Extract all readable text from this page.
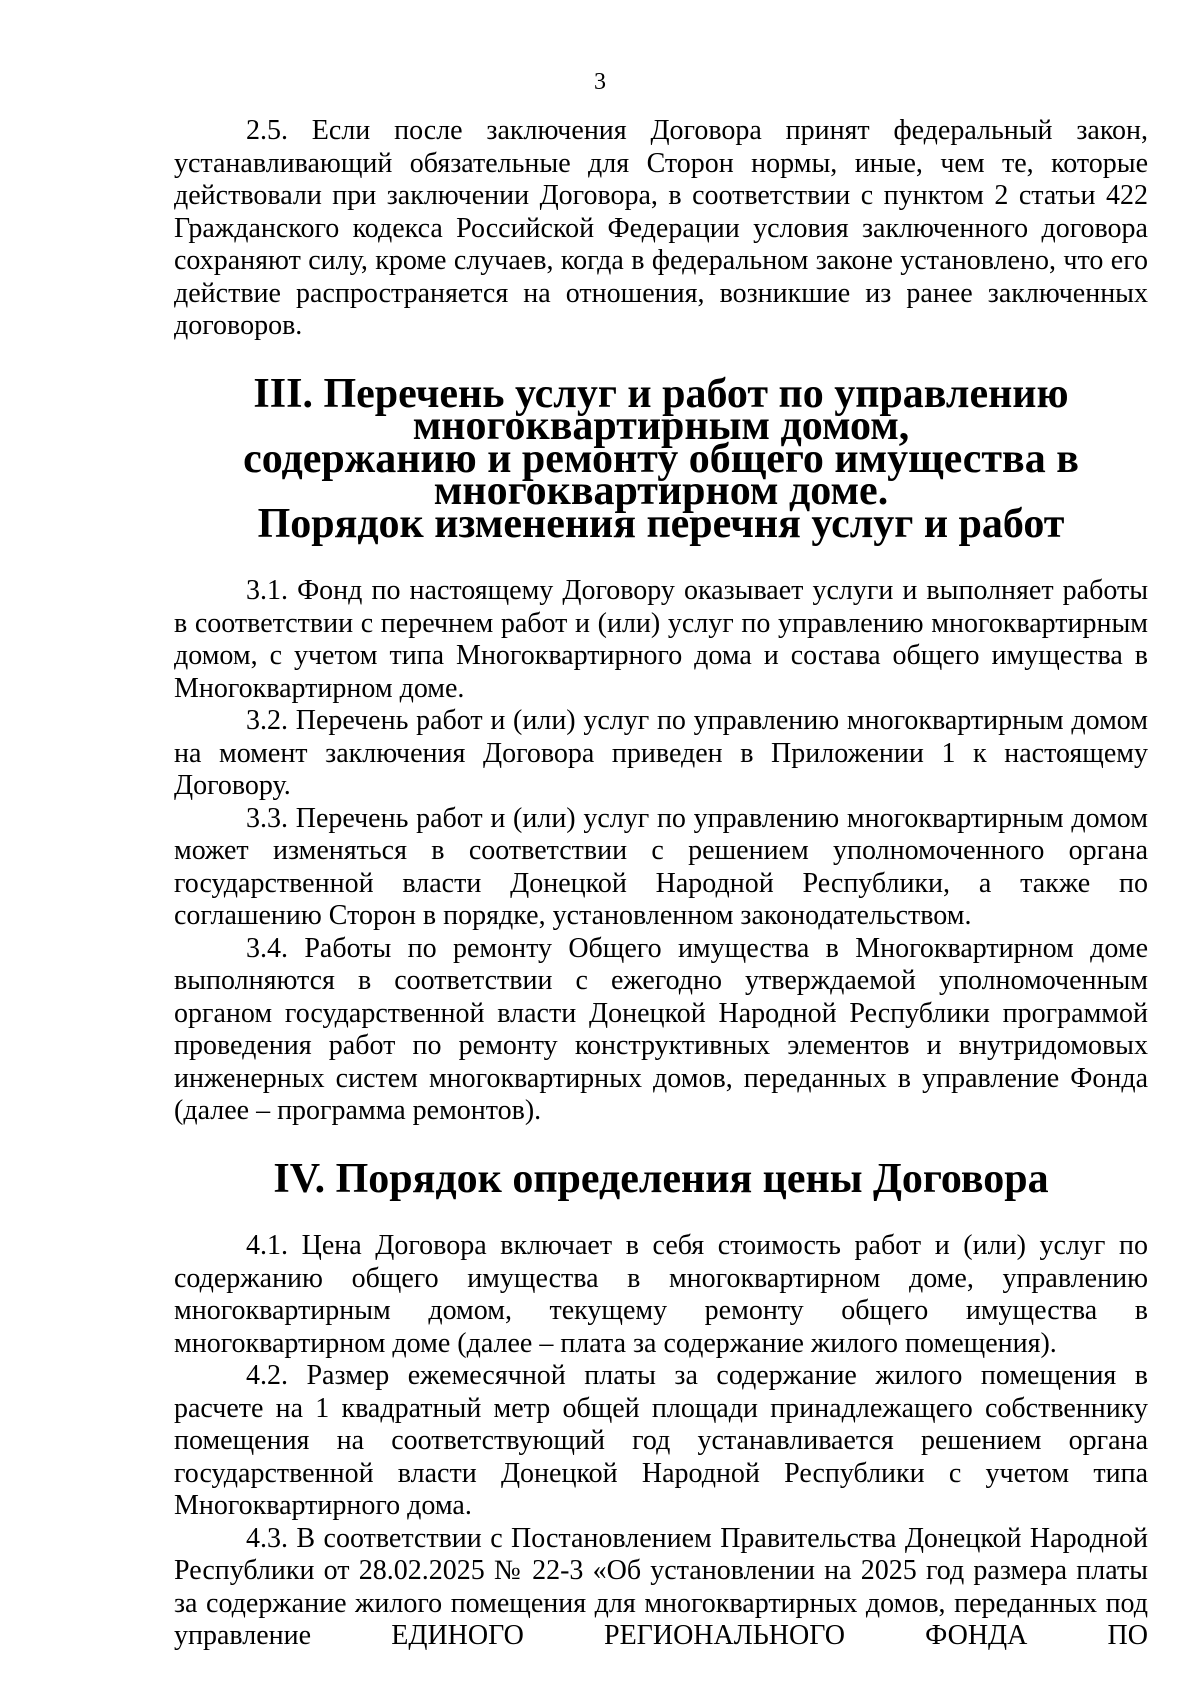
3

2.5. Если после заключения Договора принят федеральный закон, устанавливающий обязательные для Сторон нормы, иные, чем те, которые действовали при заключении Договора, в соответствии с пунктом 2 статьи 422 Гражданского кодекса Российской Федерации условия заключенного договора сохраняют силу, кроме случаев, когда в федеральном законе установлено, что его действие распространяется на отношения, возникшие из ранее заключенных договоров.

III. Перечень услуг и работ по управлению многоквартирным домом,
содержанию и ремонту общего имущества в многоквартирном доме.
Порядок изменения перечня услуг и работ

3.1. Фонд по настоящему Договору оказывает услуги и выполняет работы в соответствии с перечнем работ и (или) услуг по управлению многоквартирным домом, с учетом типа Многоквартирного дома и состава общего имущества в Многоквартирном доме.

3.2. Перечень работ и (или) услуг по управлению многоквартирным домом на момент заключения Договора приведен в Приложении 1 к настоящему Договору.

3.3. Перечень работ и (или) услуг по управлению многоквартирным домом может изменяться в соответствии с решением уполномоченного органа государственной власти Донецкой Народной Республики, а также по соглашению Сторон в порядке, установленном законодательством.

3.4. Работы по ремонту Общего имущества в Многоквартирном доме выполняются в соответствии с ежегодно утверждаемой уполномоченным органом государственной власти Донецкой Народной Республики программой проведения работ по ремонту конструктивных элементов и внутридомовых инженерных систем многоквартирных домов, переданных в управление Фонда (далее – программа ремонтов).

IV. Порядок определения цены Договора

4.1. Цена Договора включает в себя стоимость работ и (или) услуг по содержанию общего имущества в многоквартирном доме, управлению многоквартирным домом, текущему ремонту общего имущества в многоквартирном доме (далее – плата за содержание жилого помещения).

4.2. Размер ежемесячной платы за содержание жилого помещения в расчете на 1 квадратный метр общей площади принадлежащего собственнику помещения на соответствующий год устанавливается решением органа государственной власти Донецкой Народной Республики с учетом типа Многоквартирного дома.

4.3. В соответствии с Постановлением Правительства Донецкой Народной Республики от 28.02.2025 № 22-3 «Об установлении на 2025 год размера платы за содержание жилого помещения для многоквартирных домов, переданных под управление ЕДИНОГО РЕГИОНАЛЬНОГО ФОНДА ПО
